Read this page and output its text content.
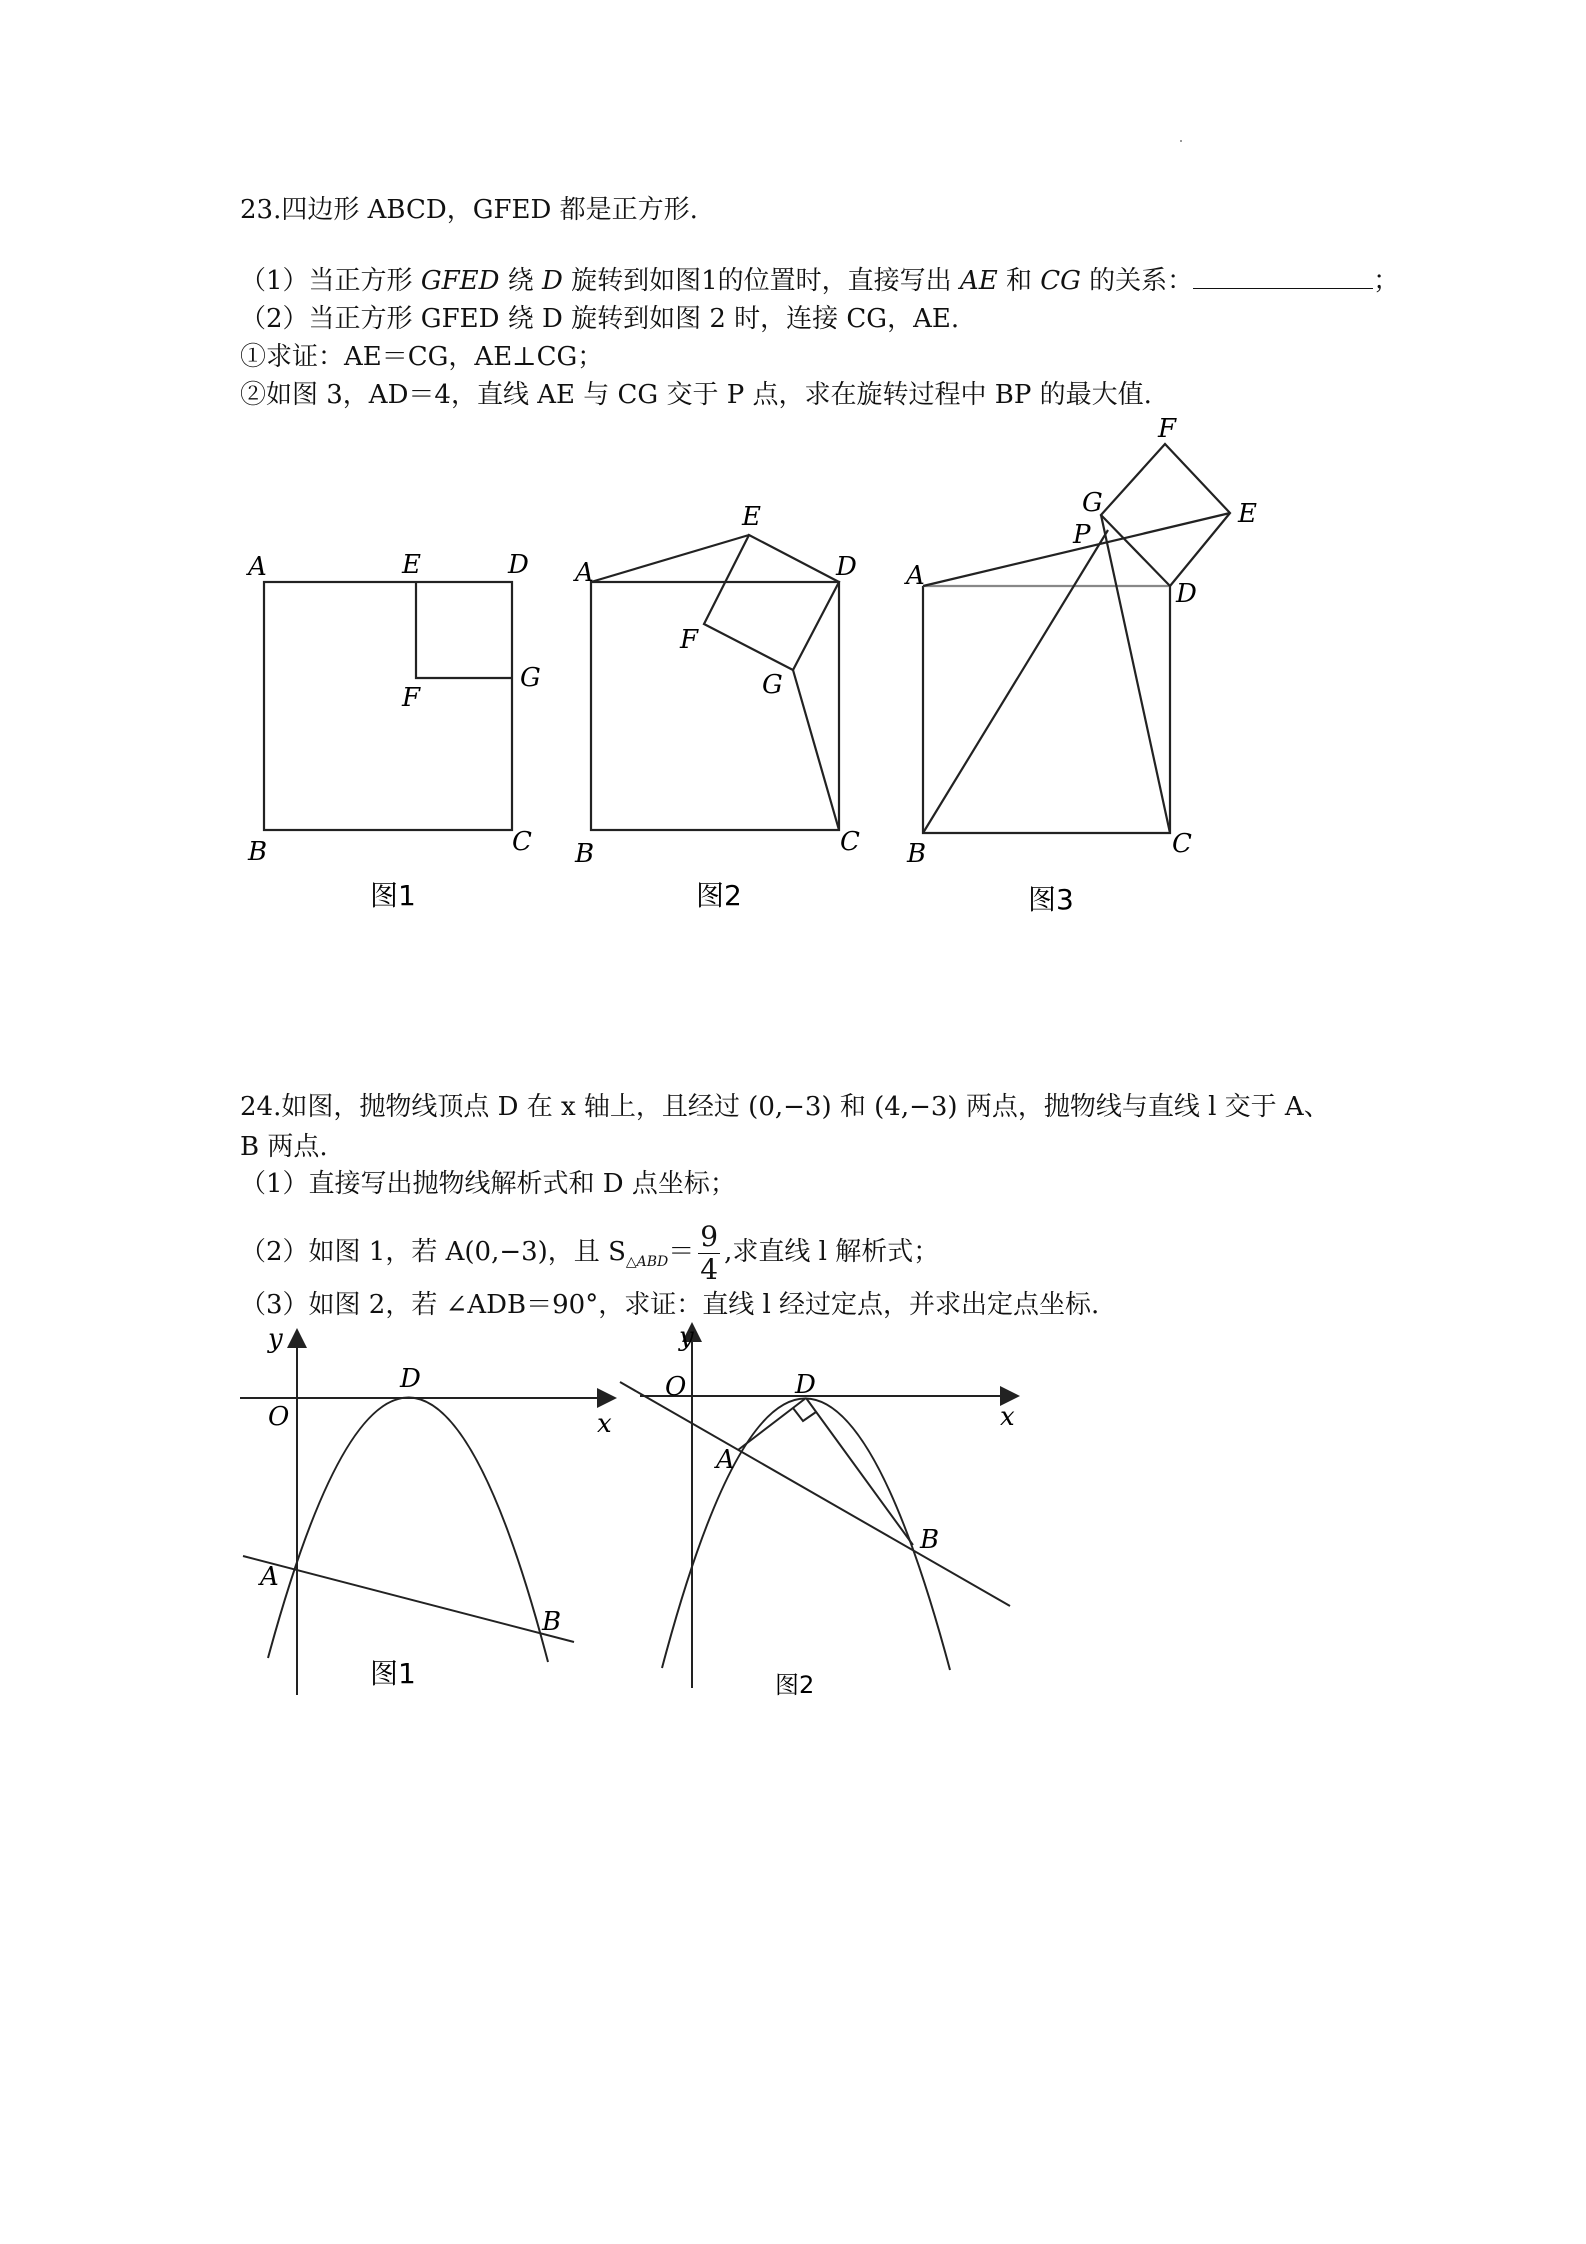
23.四边形 ABCD，GFED 都是正方形.
（1）当正方形 GFED 绕 D 旋转到如图1的位置时，直接写出 AE 和 CG 的关系：	；
（2）当正方形 GFED 绕 D 旋转到如图 2 时，连接 CG，AE.
①求证：AE＝CG，AE⊥CG；
②如图 3，AD＝4，直线 AE 与 CG 交于 P 点，求在旋转过程中 BP 的最大值.
A	E	D
G
F
B	C
图1
A
E
D
F
G
B	C
图2
A
F
E
G
P
D
B	C
图3
24.如图，抛物线顶点 D 在 x 轴上，且经过 (0,−3) 和 (4,−3) 两点，抛物线与直线 l 交于 A、
B 两点.
（1）直接写出抛物线解析式和 D 点坐标；
（2）如图 1，若 A(0,−3)，且 $S_{\triangle ABD}= \frac{9}{4}$ ,求直线 l 解析式；
（3）如图 2，若 ∠ADB＝90°，求证：直线 l 经过定点，并求出定点坐标.
y
O
D
x
A
B
图1
y
O	D
x
A
B
图2
